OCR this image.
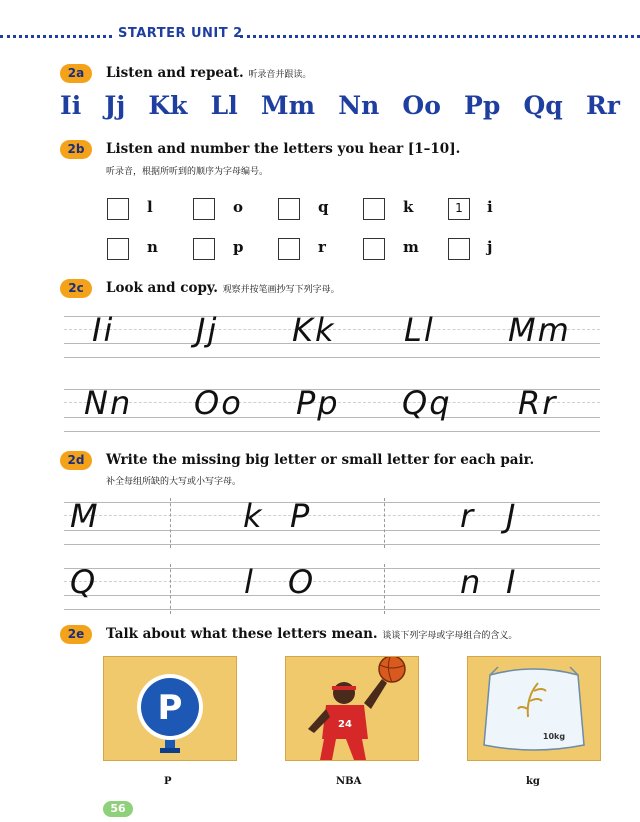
STARTER UNIT 2
2a	Listen and repeat. 听录音并跟读。
Ii Jj Kk Ll Mm Nn Oo Pp Qq Rr
2b	Listen and number the letters you hear [1–10].
听录音，根据所听到的顺序为字母编号。
l	o	q	k	1	i
n	p	r	m	j
2c	Look and copy. 观察并按笔画抄写下列字母。
Ii	Jj Kk Ll Mm
Nn Oo Pp Qq Rr
2d	Write the missing big letter or small letter for each pair.
补全每组所缺的大写或小写字母。
M	k P	r J
Q	l O	n I
2e	Talk about what these letters mean. 谈谈下列字母或字母组合的含义。
P
P
24
NBA
10kg
kg
56
